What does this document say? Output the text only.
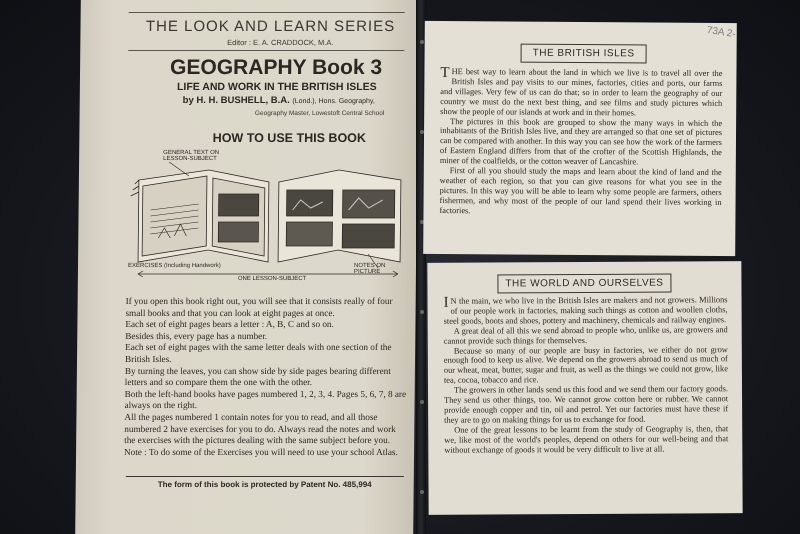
THE LOOK AND LEARN SERIES
Editor : E. A. CRADDOCK, M.A.
GEOGRAPHY Book 3
LIFE AND WORK IN THE BRITISH ISLES
by H. H. BUSHELL, B.A. (Lond.), Hons. Geography,
Geography Master, Lowestoft Central School
HOW TO USE THIS BOOK
GENERAL TEXT ON LESSON-SUBJECT
EXERCISES (Including Handwork)
ONE LESSON-SUBJECT
NOTES ON PICTURE

If you open this book right out, you will see that it consists really of four small books and that you can look at eight pages at once.

Each set of eight pages bears a letter : A, B, C and so on.

Besides this, every page has a number.

Each set of eight pages with the same letter deals with one section of the British Isles.

By turning the leaves, you can show side by side pages bearing different letters and so compare them the one with the other.

Both the left-hand books have pages numbered 1, 2, 3, 4. Pages 5, 6, 7, 8 are always on the right.

All the pages numbered 1 contain notes for you to read, and all those numbered 2 have exercises for you to do. Always read the notes and work the exercises with the pictures dealing with the same subject before you. Note : To do some of the Exercises you will need to use your school Atlas.

The form of this book is protected by Patent No. 485,994
THE BRITISH ISLES
73A 2-

THE best way to learn about the land in which we live is to travel all over the British Isles and pay visits to our mines, factories, cities and ports, our farms and villages. Very few of us can do that; so in order to learn the geography of our country we must do the next best thing, and see films and study pictures which show the people of our islands at work and in their homes.

The pictures in this book are grouped to show the many ways in which the inhabitants of the British Isles live, and they are arranged so that one set of pictures can be compared with another. In this way you can see how the work of the farmers of Eastern England differs from that of the crofter of the Scottish Highlands, the miner of the coalfields, or the cotton weaver of Lancashire.

First of all you should study the maps and learn about the kind of land and the weather of each region, so that you can give reasons for what you see in the pictures. In this way you will be able to learn why some people are farmers, others fishermen, and why most of the people of our land spend their lives working in factories.

THE WORLD AND OURSELVES

I N the main, we who live in the British Isles are makers and not growers. Millions of our people work in factories, making such things as cotton and woollen cloths, steel goods, boots and shoes, pottery and machinery, chemicals and railway engines.

A great deal of all this we send abroad to people who, unlike us, are growers and cannot provide such things for themselves.

Because so many of our people are busy in factories, we either do not grow enough food to keep us alive. We depend on the growers abroad to send us much of our wheat, meat, butter, sugar and fruit, as well as the things we could not grow, like tea, cocoa, tobacco and rice.

The growers in other lands send us this food and we send them our factory goods. They send us other things, too. We cannot grow cotton here or rubber. We cannot provide enough copper and tin, oil and petrol. Yet our factories must have these if they are to go on making things for us to exchange for food.

One of the great lessons to be learnt from the study of Geography is, then, that we, like most of the world's peoples, depend on others for our well-being and that without exchange of goods it would be very difficult to live at all.
